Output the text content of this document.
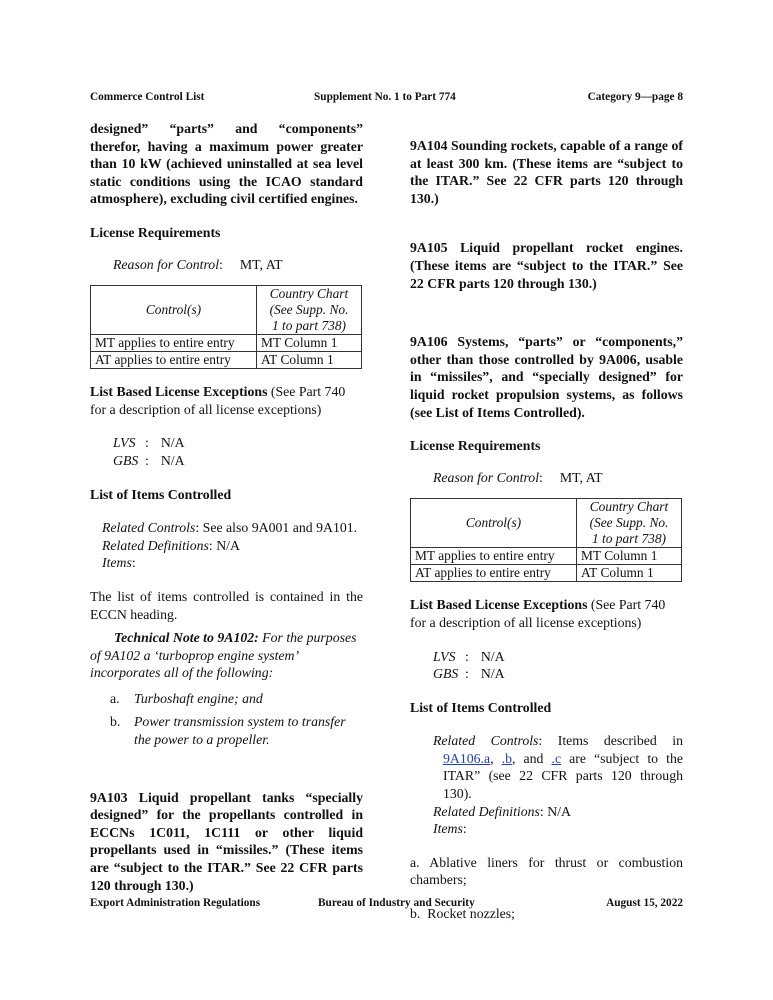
Commerce Control List	Supplement No. 1 to Part 774	Category 9—page 8

designed” “parts” and “components” therefor, having a maximum power greater than 10 kW (achieved uninstalled at sea level static conditions using the ICAO standard atmosphere), excluding civil certified engines.

License Requirements

Reason for Control: MT, AT

Control(s)	Country Chart
(See Supp. No.
1 to part 738)

MT applies to entire entry	MT Column 1
AT applies to entire entry	AT Column 1

List Based License Exceptions (See Part 740 for a description of all license exceptions)

LVS : N/A
GBS : N/A

List of Items Controlled

Related Controls: See also 9A001 and 9A101.

Related Definitions: N/A

Items:

The list of items controlled is contained in the ECCN heading.

Technical Note to 9A102: For the purposes of 9A102 a ‘turboprop engine system’ incorporates all of the following:

a.	Turboshaft engine; and
b. Power transmission system to transfer the power to a propeller.

9A103 Liquid propellant tanks “specially designed” for the propellants controlled in ECCNs 1C011, 1C111 or other liquid propellants used in “missiles.” (These items are “subject to the ITAR.” See 22 CFR parts 120 through 130.)

9A104 Sounding rockets, capable of a range of at least 300 km. (These items are “subject to the ITAR.” See 22 CFR parts 120 through 130.)

9A105 Liquid propellant rocket engines. (These items are “subject to the ITAR.” See 22 CFR parts 120 through 130.)

9A106 Systems, “parts” or “components,” other than those controlled by 9A006, usable in “missiles”, and “specially designed” for liquid rocket propulsion systems, as follows (see List of Items Controlled).

License Requirements

Reason for Control: MT, AT

Control(s)	Country Chart
(See Supp. No.
1 to part 738)

MT applies to entire entry	MT Column 1
AT applies to entire entry	AT Column 1

List Based License Exceptions (See Part 740 for a description of all license exceptions)

LVS : N/A
GBS : N/A

List of Items Controlled

Related Controls: Items described in 9A106.a, .b, and .c are “subject to the ITAR” (see 22 CFR parts 120 through 130).

Related Definitions: N/A

Items:

a. Ablative liners for thrust or combustion chambers;

b. Rocket nozzles;

Export Administration Regulations	Bureau of Industry and Security	August 15, 2022
